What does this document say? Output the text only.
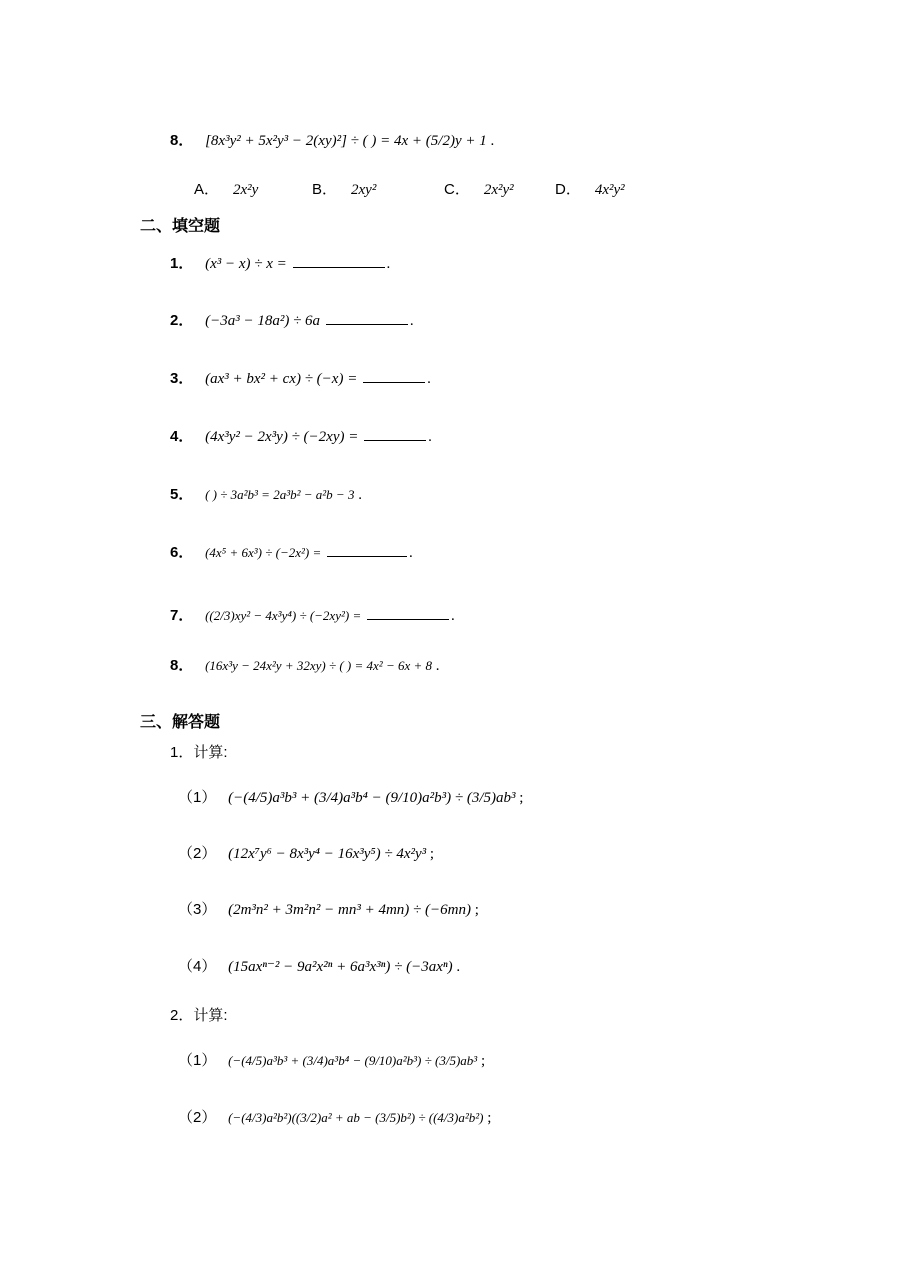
8． [8x³y² + 5x²y³ − 2(xy)²] ÷ ( ) = 4x + (5/2)y + 1 .
A． 2x²y	B． 2xy²	C． 2x²y²	D． 4x²y²
二、填空题
1． (x³ − x) ÷ x =	.
2． (−3a³ − 18a²) ÷ 6a	.
3． (ax³ + bx² + cx) ÷ (−x) =	.
4． (4x³y² − 2x³y) ÷ (−2xy) =	.
5． ( ) ÷ 3a²b³ = 2a³b² − a²b − 3 .
6． (4x⁵ + 6x³) ÷ (−2x²) =	.
7． ((2/3)xy² − 4x³y⁴) ÷ (−2xy²) =	.
8． (16x³y − 24x²y + 32xy) ÷ ( ) = 4x² − 6x + 8 .
三、解答题
1．计算:
（1） (−(4/5)a³b³ + (3/4)a³b⁴ − (9/10)a²b³) ÷ (3/5)ab³ ;
（2） (12x⁷y⁶ − 8x³y⁴ − 16x³y⁵) ÷ 4x²y³ ;
（3） (2m³n² + 3m²n² − mn³ + 4mn) ÷ (−6mn) ;
（4） (15axⁿ⁻² − 9a²x²ⁿ + 6a³x³ⁿ) ÷ (−3axⁿ) .
2．计算:
（1） (−(4/5)a³b³ + (3/4)a³b⁴ − (9/10)a²b³) ÷ (3/5)ab³ ;
（2） (−(4/3)a²b²)((3/2)a² + ab − (3/5)b²) ÷ ((4/3)a²b²) ;
